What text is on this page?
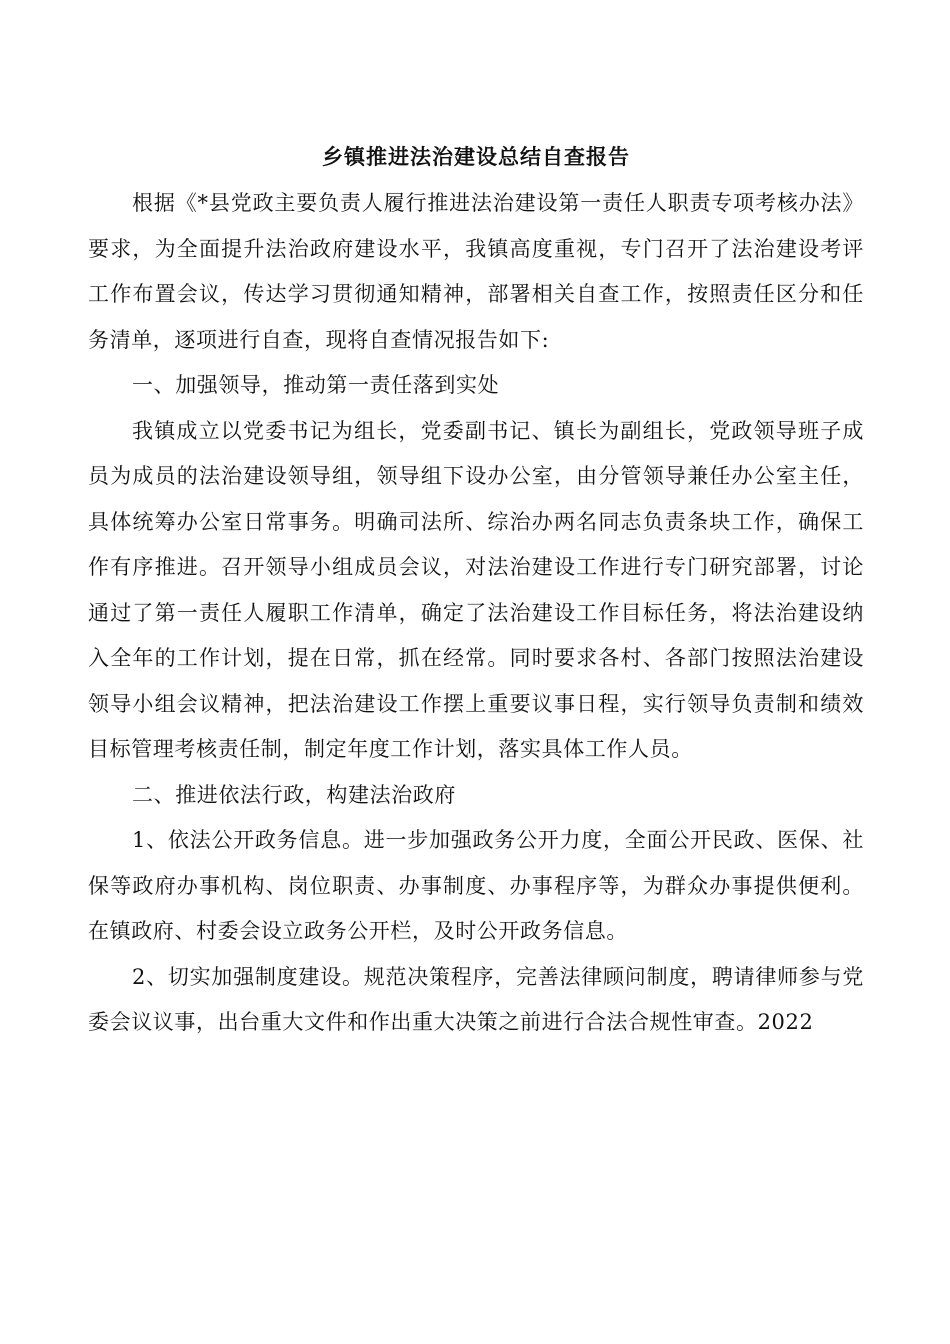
乡镇推进法治建设总结自查报告

根据《*县党政主要负责人履行推进法治建设第一责任人职责专项考核办法》要求，为全面提升法治政府建设水平，我镇高度重视，专门召开了法治建设考评工作布置会议，传达学习贯彻通知精神，部署相关自查工作，按照责任区分和任务清单，逐项进行自查，现将自查情况报告如下:

一、加强领导，推动第一责任落到实处

我镇成立以党委书记为组长，党委副书记、镇长为副组长，党政领导班子成员为成员的法治建设领导组，领导组下设办公室，由分管领导兼任办公室主任，具体统筹办公室日常事务。明确司法所、综治办两名同志负责条块工作，确保工作有序推进。召开领导小组成员会议，对法治建设工作进行专门研究部署，讨论通过了第一责任人履职工作清单，确定了法治建设工作目标任务，将法治建设纳入全年的工作计划，提在日常，抓在经常。同时要求各村、各部门按照法治建设领导小组会议精神，把法治建设工作摆上重要议事日程，实行领导负责制和绩效目标管理考核责任制，制定年度工作计划，落实具体工作人员。

二、推进依法行政，构建法治政府

1、依法公开政务信息。进一步加强政务公开力度，全面公开民政、医保、社保等政府办事机构、岗位职责、办事制度、办事程序等，为群众办事提供便利。在镇政府、村委会设立政务公开栏，及时公开政务信息。

2、切实加强制度建设。规范决策程序，完善法律顾问制度，聘请律师参与党委会议议事，出台重大文件和作出重大决策之前进行合法合规性审查。2022
